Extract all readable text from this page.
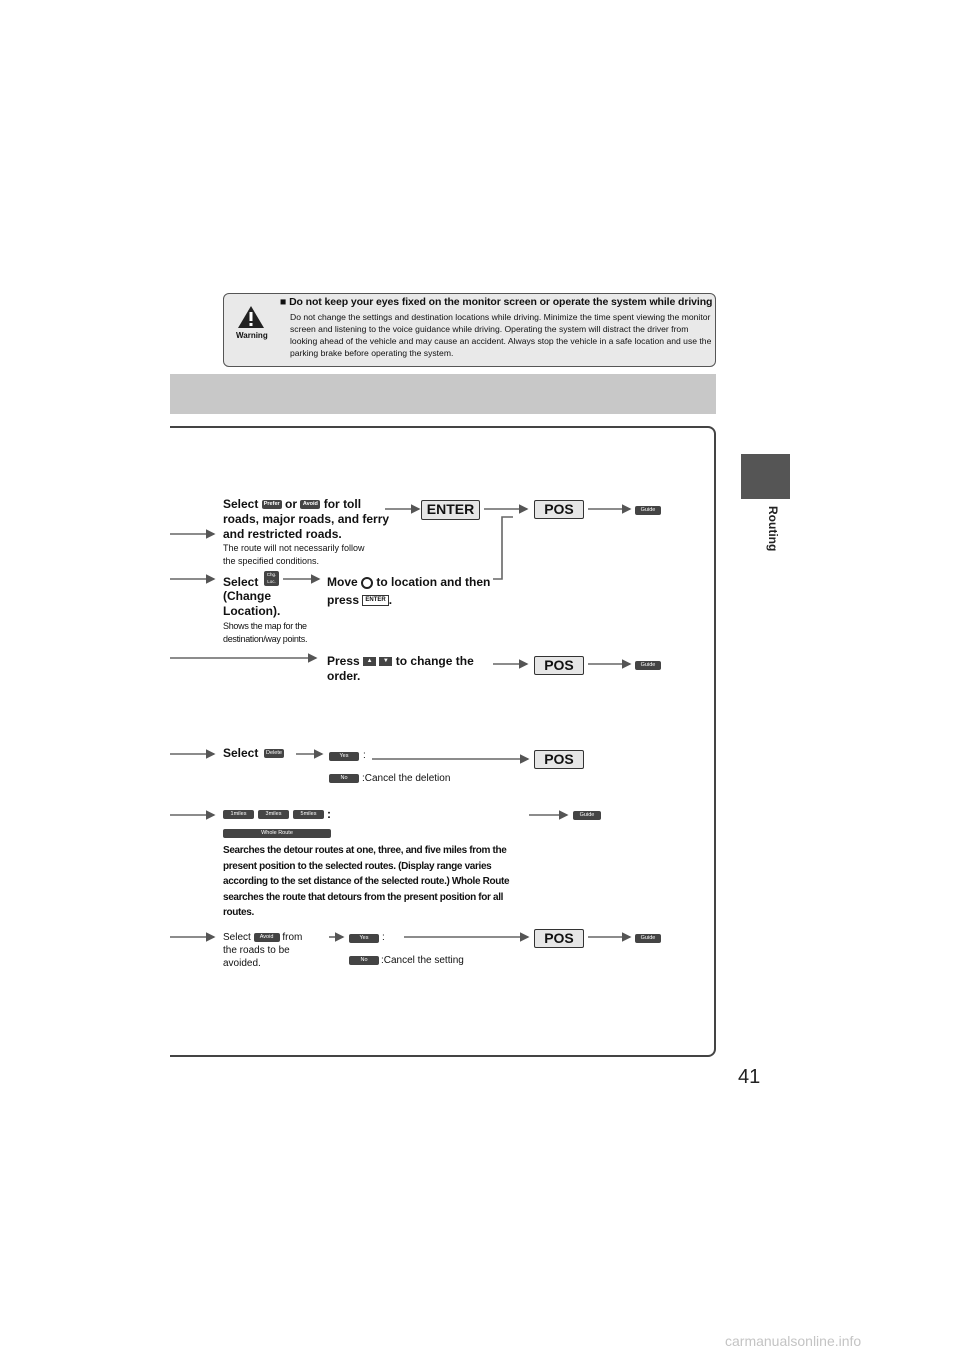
Warning
■ Do not keep your eyes fixed on the monitor screen or operate the system while driving
Do not change the settings and destination locations while driving. Minimize the time spent viewing the monitor screen and listening to the voice guidance while driving. Operating the system will distract the driver from looking ahead of the vehicle and may cause an accident. Always stop the vehicle in a safe location and use the parking brake before operating the system.
Routing
41
Select Prefer or Avoid for toll
roads, major roads, and ferry
and restricted roads.
The route will not necessarily follow
the specified conditions.
ENTER	POS	Guide
Select
Chg. Loc.
(Change Location).
Shows the map for the
destination/way points.
Move to location and then
press ENTER .
Press ▲ ▼ to change the
order.
POS	Guide
Select	Delete	Yes	:
No	:Cancel the deletion
POS
1miles	3miles	5miles :
Whole Route
Guide
Searches the detour routes at one, three, and five miles from the present position to the selected routes. (Display range varies according to the set distance of the selected route.) Whole Route searches the route that detours from the present position for all routes.
Select Avoid from
the roads to be
avoided.
Yes	:
No	:Cancel the setting
POS	Guide
carmanualsonline.info
